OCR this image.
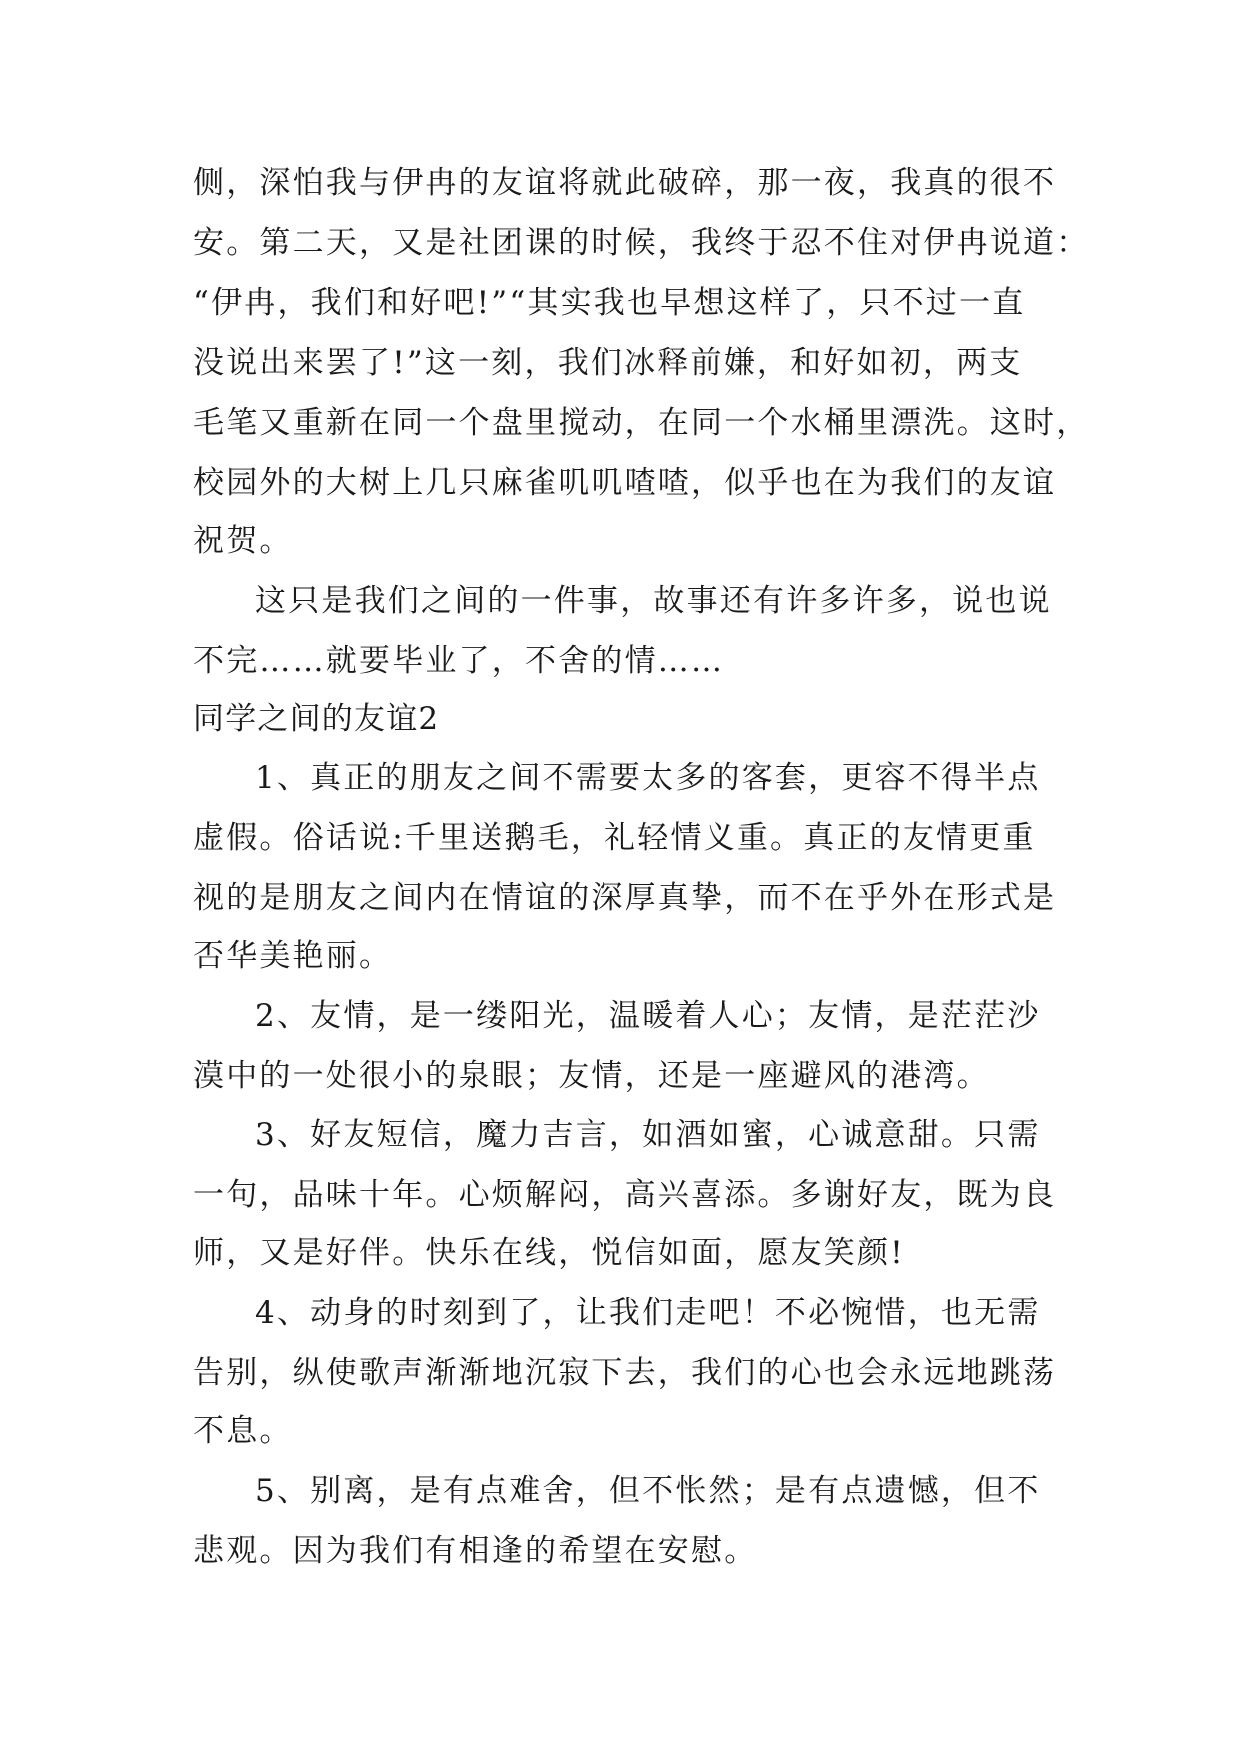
侧，深怕我与伊冉的友谊将就此破碎，那一夜，我真的很不
安。第二天，又是社团课的时候，我终于忍不住对伊冉说道：
“伊冉，我们和好吧!”“其实我也早想这样了，只不过一直
没说出来罢了!”这一刻，我们冰释前嫌，和好如初，两支
毛笔又重新在同一个盘里搅动，在同一个水桶里漂洗。这时，
校园外的大树上几只麻雀叽叽喳喳，似乎也在为我们的友谊
祝贺。
这只是我们之间的一件事，故事还有许多许多，说也说
不完……就要毕业了，不舍的情……
同学之间的友谊2
1、真正的朋友之间不需要太多的客套，更容不得半点
虚假。俗话说:千里送鹅毛，礼轻情义重。真正的友情更重
视的是朋友之间内在情谊的深厚真挚，而不在乎外在形式是
否华美艳丽。
2、友情，是一缕阳光，温暖着人心；友情，是茫茫沙
漠中的一处很小的泉眼；友情，还是一座避风的港湾。
3、好友短信，魔力吉言，如酒如蜜，心诚意甜。只需
一句，品味十年。心烦解闷，高兴喜添。多谢好友，既为良
师，又是好伴。快乐在线，悦信如面，愿友笑颜!
4、动身的时刻到了，让我们走吧！不必惋惜，也无需
告别，纵使歌声渐渐地沉寂下去，我们的心也会永远地跳荡
不息。
5、别离，是有点难舍，但不怅然；是有点遗憾，但不
悲观。因为我们有相逢的希望在安慰。
